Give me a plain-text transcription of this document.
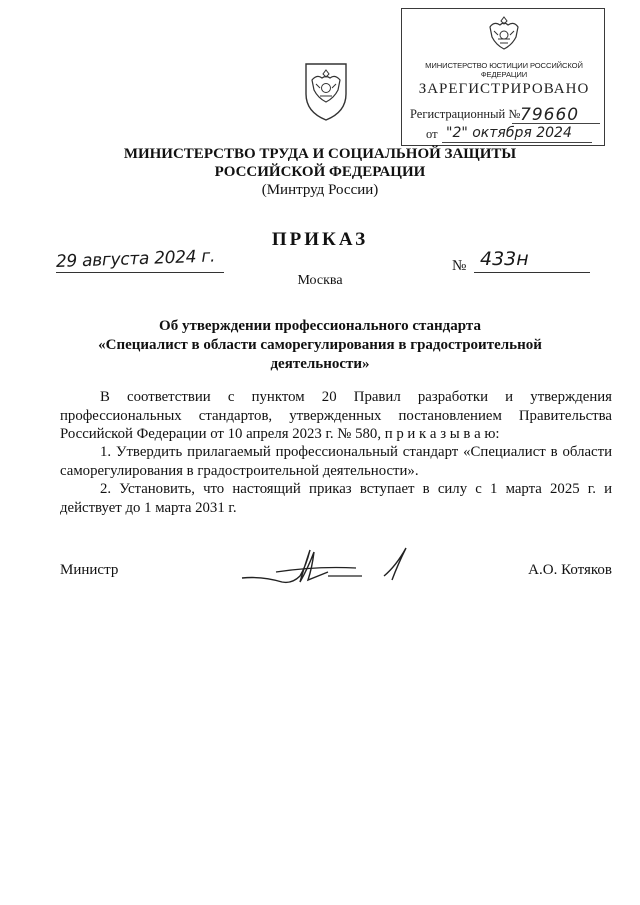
МИНИСТЕРСТВО ЮСТИЦИИ РОССИЙСКОЙ ФЕДЕРАЦИИ
ЗАРЕГИСТРИРОВАНО
Регистрационный № 79660
от "2" октября 2024
МИНИСТЕРСТВО ТРУДА И СОЦИАЛЬНОЙ ЗАЩИТЫ
РОССИЙСКОЙ ФЕДЕРАЦИИ
(Минтруд России)
ПРИКАЗ
29 августа 2024 г.	№ 433н
Москва
Об утверждении профессионального стандарта
«Специалист в области саморегулирования в градостроительной
деятельности»
В соответствии с пунктом 20 Правил разработки и утверждения профессиональных стандартов, утвержденных постановлением Правительства Российской Федерации от 10 апреля 2023 г. № 580, п р и к а з ы в а ю:
1. Утвердить прилагаемый профессиональный стандарт «Специалист в области саморегулирования в градостроительной деятельности».
2. Установить, что настоящий приказ вступает в силу с 1 марта 2025 г. и действует до 1 марта 2031 г.
Министр	А.О. Котяков
